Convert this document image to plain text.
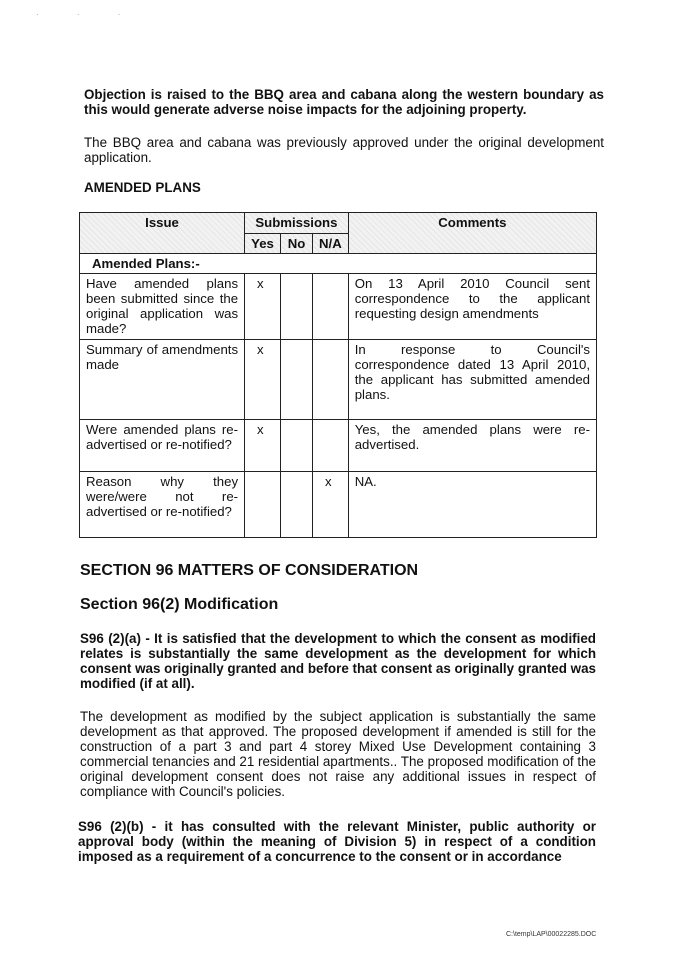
· · ·
Objection is raised to the BBQ area and cabana along the western boundary as this would generate adverse noise impacts for the adjoining property.
The BBQ area and cabana was previously approved under the original development application.
AMENDED PLANS
Issue	Submissions			Comments
	Yes	No	N/A	
Amended Plans:-				
Have amended plans been submitted since the original application was made?	x			On 13 April 2010 Council sent correspondence to the applicant requesting design amendments
Summary of amendments made	x			In response to Council's correspondence dated 13 April 2010, the applicant has submitted amended plans.
Were amended plans re-advertised or re-notified?	x			Yes, the amended plans were re-advertised.
Reason why they were/were not re-advertised or re-notified?			x	NA.
SECTION 96 MATTERS OF CONSIDERATION
Section 96(2) Modification
S96 (2)(a) - It is satisfied that the development to which the consent as modified relates is substantially the same development as the development for which consent was originally granted and before that consent as originally granted was modified (if at all).
The development as modified by the subject application is substantially the same development as that approved. The proposed development if amended is still for the construction of a part 3 and part 4 storey Mixed Use Development containing 3 commercial tenancies and 21 residential apartments.. The proposed modification of the original development consent does not raise any additional issues in respect of compliance with Council's policies.
S96 (2)(b) - it has consulted with the relevant Minister, public authority or approval body (within the meaning of Division 5) in respect of a condition imposed as a requirement of a concurrence to the consent or in accordance
C:\temp\LAP\00022285.DOC
